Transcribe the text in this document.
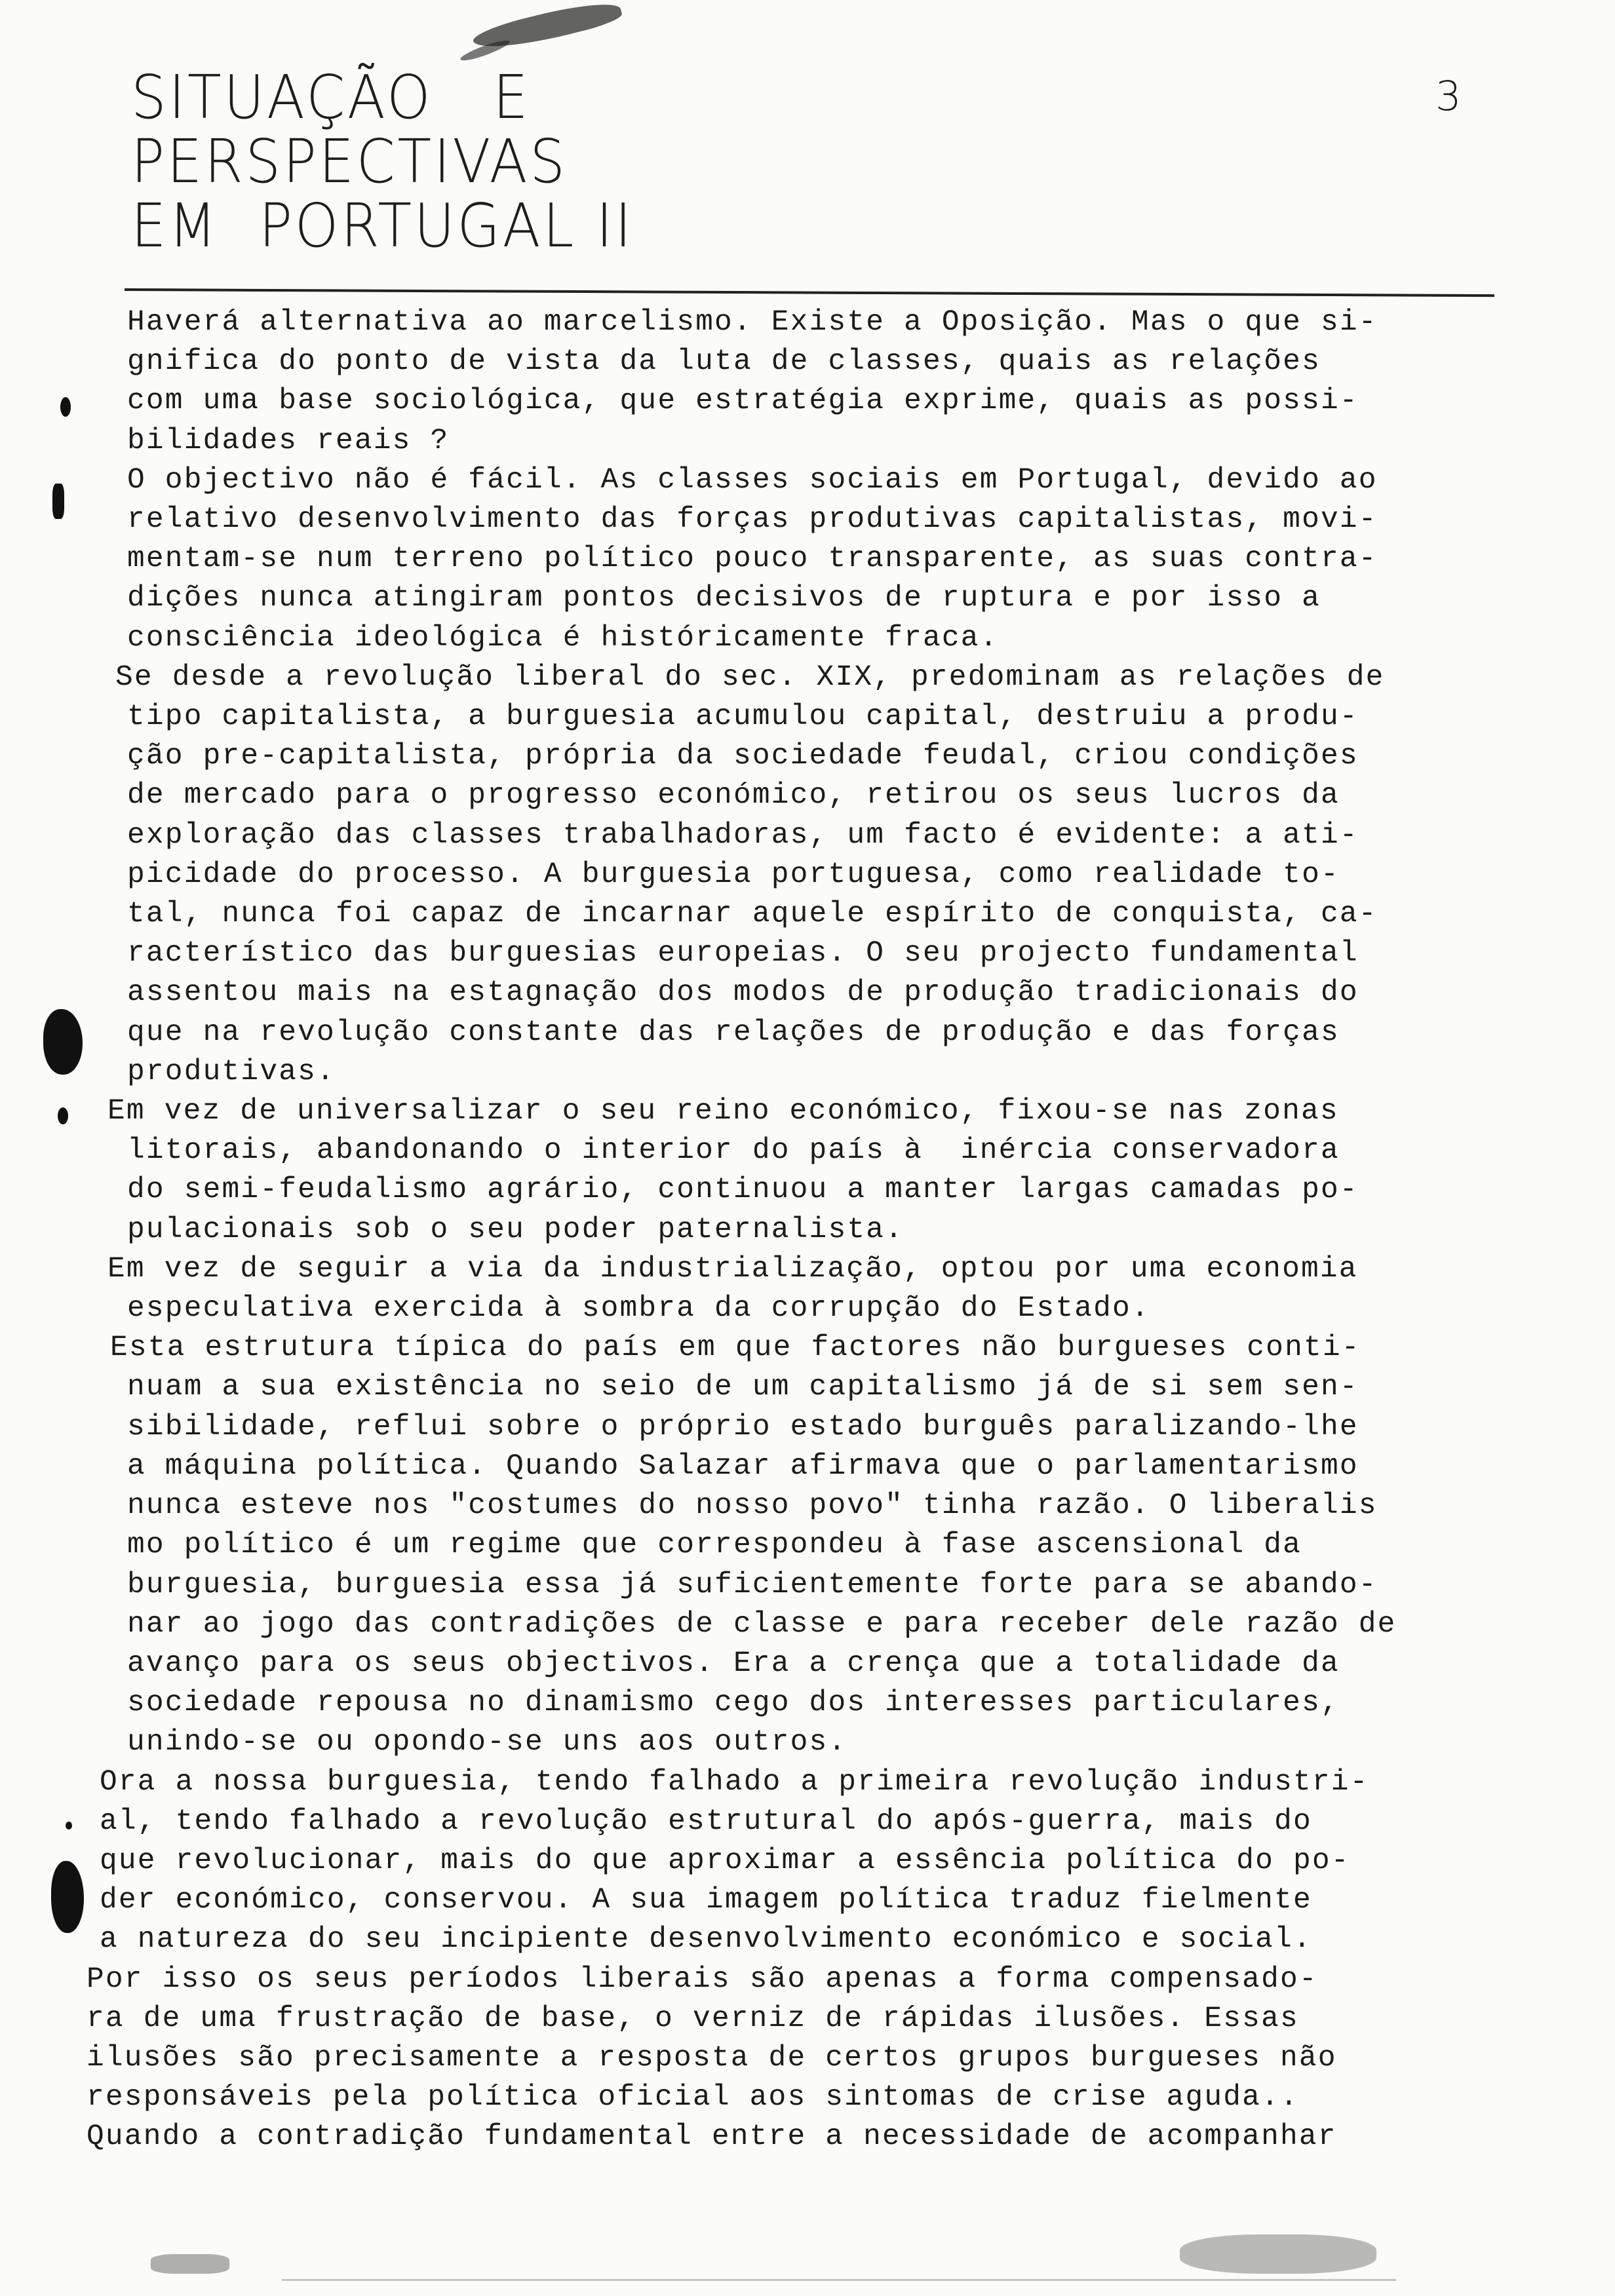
SITUAÇÃO   E
PERSPECTIVAS
EM  PORTUGAL II
3
Haverá alternativa ao marcelismo. Existe a Oposição. Mas o que si-
gnifica do ponto de vista da luta de classes, quais as relações
com uma base sociológica, que estratégia exprime, quais as possi-
bilidades reais ?
O objectivo não é fácil. As classes sociais em Portugal, devido ao
relativo desenvolvimento das forças produtivas capitalistas, movi-
mentam-se num terreno político pouco transparente, as suas contra-
dições nunca atingiram pontos decisivos de ruptura e por isso a
consciência ideológica é históricamente fraca.
Se desde a revolução liberal do sec. XIX, predominam as relações de
tipo capitalista, a burguesia acumulou capital, destruiu a produ-
ção pre-capitalista, própria da sociedade feudal, criou condições
de mercado para o progresso económico, retirou os seus lucros da
exploração das classes trabalhadoras, um facto é evidente: a ati-
picidade do processo. A burguesia portuguesa, como realidade to-
tal, nunca foi capaz de incarnar aquele espírito de conquista, ca-
racterístico das burguesias europeias. O seu projecto fundamental
assentou mais na estagnação dos modos de produção tradicionais do
que na revolução constante das relações de produção e das forças
produtivas.
Em vez de universalizar o seu reino económico, fixou-se nas zonas
litorais, abandonando o interior do país à  inércia conservadora
do semi-feudalismo agrário, continuou a manter largas camadas po-
pulacionais sob o seu poder paternalista.
Em vez de seguir a via da industrialização, optou por uma economia
especulativa exercida à sombra da corrupção do Estado.
Esta estrutura típica do país em que factores não burgueses conti-
nuam a sua existência no seio de um capitalismo já de si sem sen-
sibilidade, reflui sobre o próprio estado burguês paralizando-lhe
a máquina política. Quando Salazar afirmava que o parlamentarismo
nunca esteve nos "costumes do nosso povo" tinha razão. O liberalis
mo político é um regime que correspondeu à fase ascensional da
burguesia, burguesia essa já suficientemente forte para se abando-
nar ao jogo das contradições de classe e para receber dele razão de
avanço para os seus objectivos. Era a crença que a totalidade da
sociedade repousa no dinamismo cego dos interesses particulares,
unindo-se ou opondo-se uns aos outros.
Ora a nossa burguesia, tendo falhado a primeira revolução industri-
al, tendo falhado a revolução estrutural do após-guerra, mais do
que revolucionar, mais do que aproximar a essência política do po-
der económico, conservou. A sua imagem política traduz fielmente
a natureza do seu incipiente desenvolvimento económico e social.
Por isso os seus períodos liberais são apenas a forma compensado-
ra de uma frustração de base, o verniz de rápidas ilusões. Essas
ilusões são precisamente a resposta de certos grupos burgueses não
responsáveis pela política oficial aos sintomas de crise aguda..
Quando a contradição fundamental entre a necessidade de acompanhar
